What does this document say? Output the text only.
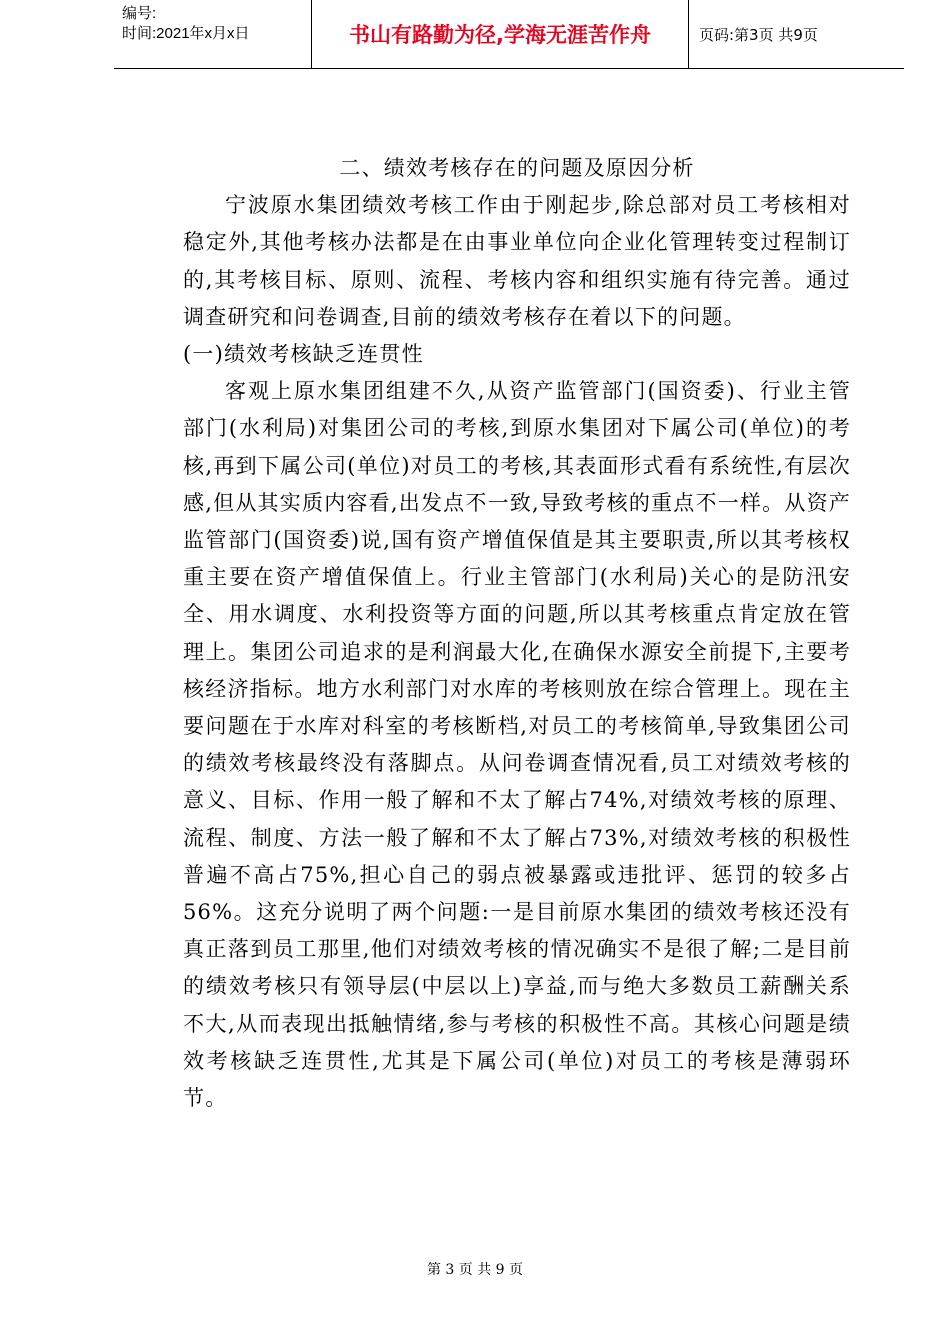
编号:
时间:2021年x月x日	书山有路勤为径,学海无涯苦作舟	页码:第3页 共9页

二、绩效考核存在的问题及原因分析

宁波原水集团绩效考核工作由于刚起步,除总部对员工考核相对稳定外,其他考核办法都是在由事业单位向企业化管理转变过程制订的,其考核目标、原则、流程、考核内容和组织实施有待完善。通过调查研究和问卷调查,目前的绩效考核存在着以下的问题。

(一)绩效考核缺乏连贯性

客观上原水集团组建不久,从资产监管部门(国资委)、行业主管部门(水利局)对集团公司的考核,到原水集团对下属公司(单位)的考核,再到下属公司(单位)对员工的考核,其表面形式看有系统性,有层次感,但从其实质内容看,出发点不一致,导致考核的重点不一样。从资产监管部门(国资委)说,国有资产增值保值是其主要职责,所以其考核权重主要在资产增值保值上。行业主管部门(水利局)关心的是防汛安全、用水调度、水利投资等方面的问题,所以其考核重点肯定放在管理上。集团公司追求的是利润最大化,在确保水源安全前提下,主要考核经济指标。地方水利部门对水库的考核则放在综合管理上。现在主要问题在于水库对科室的考核断档,对员工的考核简单,导致集团公司的绩效考核最终没有落脚点。从问卷调查情况看,员工对绩效考核的意义、目标、作用一般了解和不太了解占74%,对绩效考核的原理、流程、制度、方法一般了解和不太了解占73%,对绩效考核的积极性普遍不高占75%,担心自己的弱点被暴露或违批评、惩罚的较多占56%。这充分说明了两个问题:一是目前原水集团的绩效考核还没有真正落到员工那里,他们对绩效考核的情况确实不是很了解;二是目前的绩效考核只有领导层(中层以上)享益,而与绝大多数员工薪酬关系不大,从而表现出抵触情绪,参与考核的积极性不高。其核心问题是绩效考核缺乏连贯性,尤其是下属公司(单位)对员工的考核是薄弱环节。

第 3 页 共 9 页
